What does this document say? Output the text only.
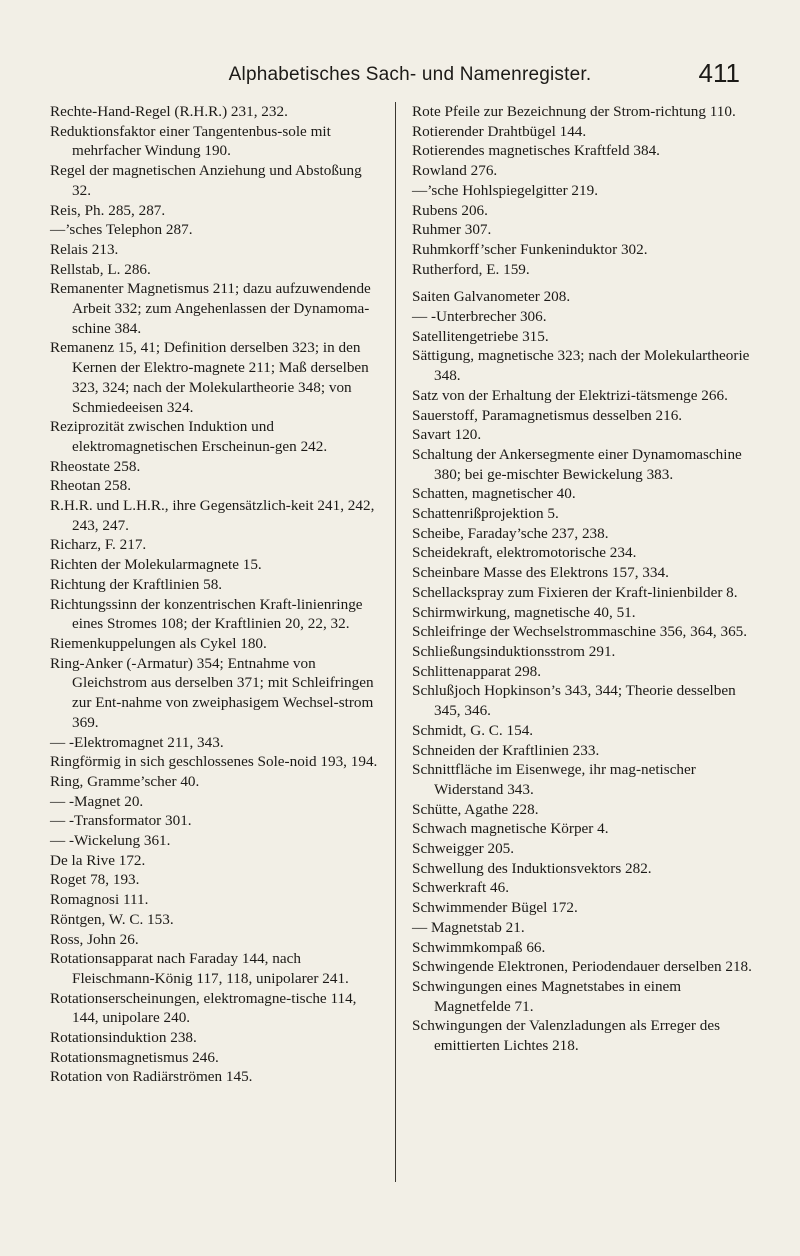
Alphabetisches Sach- und Namenregister.	411

Rechte-Hand-Regel (R.H.R.) 231, 232.

Reduktionsfaktor einer Tangentenbus-sole mit mehrfacher Windung 190.

Regel der magnetischen Anziehung und Abstoßung 32.

Reis, Ph. 285, 287.

—’sches Telephon 287.

Relais 213.

Rellstab, L. 286.

Remanenter Magnetismus 211; dazu aufzuwendende Arbeit 332; zum Angehenlassen der Dynamoma-schine 384.

Remanenz 15, 41; Definition derselben 323; in den Kernen der Elektro-magnete 211; Maß derselben 323, 324; nach der Molekulartheorie 348; von Schmiedeeisen 324.

Reziprozität zwischen Induktion und elektromagnetischen Erscheinun-gen 242.

Rheostate 258.

Rheotan 258.

R.H.R. und L.H.R., ihre Gegensätzlich-keit 241, 242, 243, 247.

Richarz, F. 217.

Richten der Molekularmagnete 15.

Richtung der Kraftlinien 58.

Richtungssinn der konzentrischen Kraft-linienringe eines Stromes 108; der Kraftlinien 20, 22, 32.

Riemenkuppelungen als Cykel 180.

Ring-Anker (-Armatur) 354; Entnahme von Gleichstrom aus derselben 371; mit Schleifringen zur Ent-nahme von zweiphasigem Wechsel-strom 369.

— -Elektromagnet 211, 343.

Ringförmig in sich geschlossenes Sole-noid 193, 194.

Ring, Gramme’scher 40.

— -Magnet 20.

— -Transformator 301.

— -Wickelung 361.

De la Rive 172.

Roget 78, 193.

Romagnosi 111.

Röntgen, W. C. 153.

Ross, John 26.

Rotationsapparat nach Faraday 144, nach Fleischmann-König 117, 118, unipolarer 241.

Rotationserscheinungen, elektromagne-tische 114, 144, unipolare 240.

Rotationsinduktion 238.

Rotationsmagnetismus 246.

Rotation von Radiärströmen 145.

Rote Pfeile zur Bezeichnung der Strom-richtung 110.

Rotierender Drahtbügel 144.

Rotierendes magnetisches Kraftfeld 384.

Rowland 276.

—’sche Hohlspiegelgitter 219.

Rubens 206.

Ruhmer 307.

Ruhmkorff’scher Funkeninduktor 302.

Rutherford, E. 159.

Saiten Galvanometer 208.

— -Unterbrecher 306.

Satellitengetriebe 315.

Sättigung, magnetische 323; nach der Molekulartheorie 348.

Satz von der Erhaltung der Elektrizi-tätsmenge 266.

Sauerstoff, Paramagnetismus desselben 216.

Savart 120.

Schaltung der Ankersegmente einer Dynamomaschine 380; bei ge-mischter Bewickelung 383.

Schatten, magnetischer 40.

Schattenrißprojektion 5.

Scheibe, Faraday’sche 237, 238.

Scheidekraft, elektromotorische 234.

Scheinbare Masse des Elektrons 157, 334.

Schellackspray zum Fixieren der Kraft-linienbilder 8.

Schirmwirkung, magnetische 40, 51.

Schleifringe der Wechselstrommaschine 356, 364, 365.

Schließungsinduktionsstrom 291.

Schlittenapparat 298.

Schlußjoch Hopkinson’s 343, 344; Theorie desselben 345, 346.

Schmidt, G. C. 154.

Schneiden der Kraftlinien 233.

Schnittfläche im Eisenwege, ihr mag-netischer Widerstand 343.

Schütte, Agathe 228.

Schwach magnetische Körper 4.

Schweigger 205.

Schwellung des Induktionsvektors 282.

Schwerkraft 46.

Schwimmender Bügel 172.

— Magnetstab 21.

Schwimmkompaß 66.

Schwingende Elektronen, Periodendauer derselben 218.

Schwingungen eines Magnetstabes in einem Magnetfelde 71.

Schwingungen der Valenzladungen als Erreger des emittierten Lichtes 218.
